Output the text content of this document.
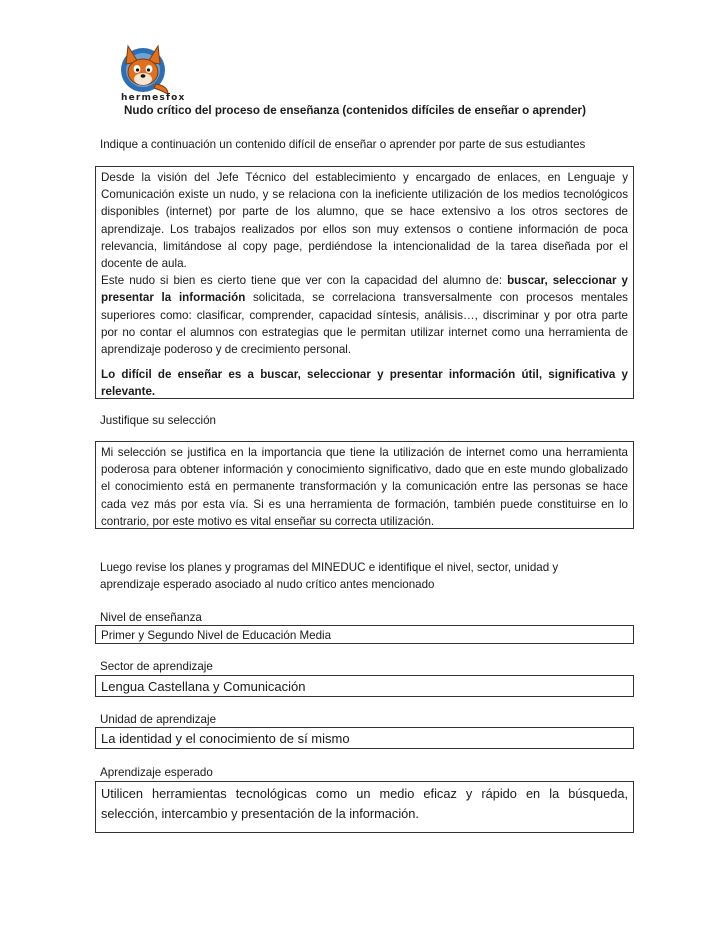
hermesfox
Nudo crítico del proceso de enseñanza (contenidos difíciles de enseñar o aprender)
Indique a continuación un contenido difícil de enseñar o aprender por parte de sus estudiantes

Desde la visión del Jefe Técnico del establecimiento y encargado de enlaces, en Lenguaje y Comunicación existe un nudo, y se relaciona con la ineficiente utilización de los medios tecnológicos disponibles (internet) por parte de los alumno, que se hace extensivo a los otros sectores de aprendizaje. Los trabajos realizados por ellos son muy extensos o contiene información de poca relevancia, limitándose al copy page, perdiéndose la intencionalidad de la tarea diseñada por el docente de aula.

Este nudo si bien es cierto tiene que ver con la capacidad del alumno de: buscar, seleccionar y presentar la información solicitada, se correlaciona transversalmente con procesos mentales superiores como: clasificar, comprender, capacidad síntesis, análisis…, discriminar y por otra parte por no contar el alumnos con estrategias que le permitan utilizar internet como una herramienta de aprendizaje poderoso y de crecimiento personal.

Lo difícil de enseñar es a buscar, seleccionar y presentar información útil, significativa y relevante.

Justifique su selección

Mi selección se justifica en la importancia que tiene la utilización de internet como una herramienta poderosa para obtener información y conocimiento significativo, dado que en este mundo globalizado el conocimiento está en permanente transformación y la comunicación entre las personas se hace cada vez más por esta vía. Si es una herramienta de formación, también puede constituirse en lo contrario, por este motivo es vital enseñar su correcta utilización.

Luego revise los planes y programas del MINEDUC e identifique el nivel, sector, unidad y
aprendizaje esperado asociado al nudo crítico antes mencionado
Nivel de enseñanza
Primer y Segundo Nivel de Educación Media
Sector de aprendizaje
Lengua Castellana y Comunicación
Unidad de aprendizaje
La identidad y el conocimiento de sí mismo
Aprendizaje esperado

Utilicen herramientas tecnológicas como un medio eficaz y rápido en la búsqueda, selección, intercambio y presentación de la información.
